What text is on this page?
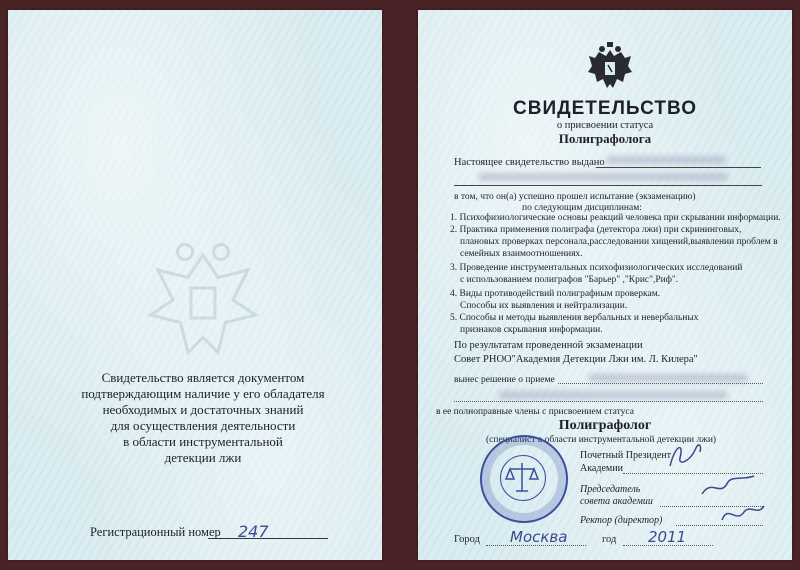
Свидетельство является документом
подтверждающим наличие у его обладателя
необходимых и достаточных знаний
для осуществления деятельности
в области инструментальной
детекции лжи
Регистрационный номер 247
СВИДЕТЕЛЬСТВО
о присвоении статуса
Полиграфолога
Настоящее свидетельство выдано
в том, что он(а) успешно прошел испытание (экзаменацию)
по следующим дисциплинам:
1. Психофизиологические основы реакций человека при скрывании информации.
2. Практика применения полиграфа (детектора лжи) при скрининговых,
плановых проверках персонала,расследовании хищений,выявлении проблем в
семейных взаимоотношениях.
3. Проведение инструментальных психофизиологических исследований
с использованием полиграфов "Барьер" ,"Крис",Риф".
4. Виды противодействий полиграфным проверкам.
Способы их выявления и нейтрализации.
5. Способы и методы выявления вербальных и невербальных
признаков скрывания информации.
По результатам проведенной экзаменации
Совет РНОО"Академия Детекции Лжи им. Л. Килера"
вынес решение о приеме
в ее полноправные члены с присвоением статуса
Полиграфолог
(специалист в области инструментальной детекции лжи)
Почетный Президент
Академии
Председатель
совета академии
Ректор (директор)
Город Москва	год 2011
